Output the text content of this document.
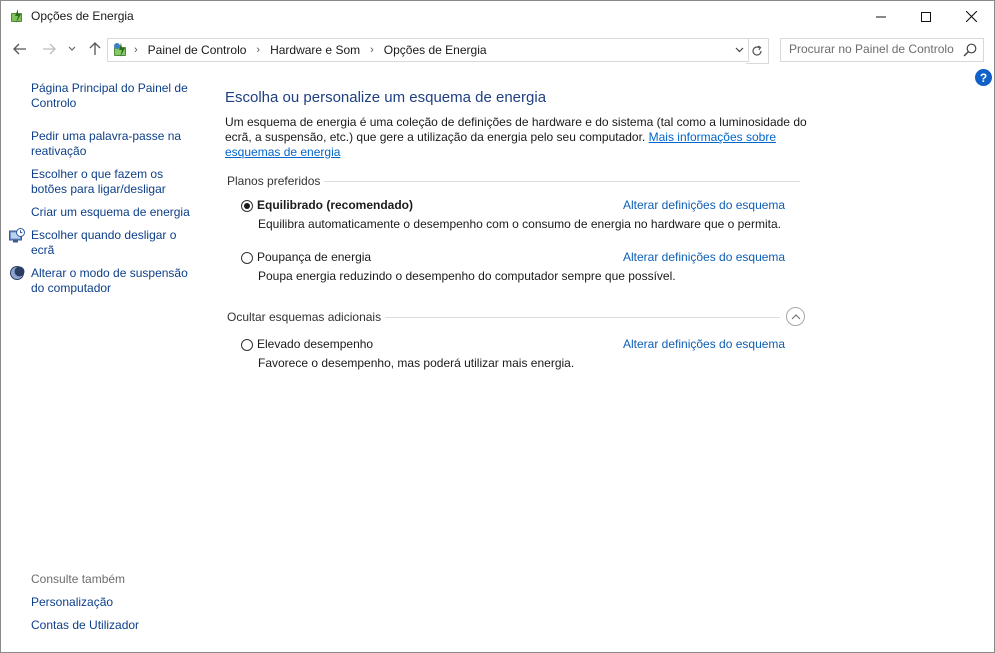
Opções de Energia
› Painel de Controlo › Hardware e Som › Opções de Energia
Procurar no Painel de Controlo
?
Página Principal do Painel de Controlo
Pedir uma palavra-passe na reativação
Escolher o que fazem os botões para ligar/desligar
Criar um esquema de energia
Escolher quando desligar o ecrã
Alterar o modo de suspensão do computador
Consulte também
Personalização
Contas de Utilizador
Escolha ou personalize um esquema de energia
Um esquema de energia é uma coleção de definições de hardware e do sistema (tal como a luminosidade do ecrã, a suspensão, etc.) que gere a utilização da energia pelo seu computador. Mais informações sobre esquemas de energia
Planos preferidos
Equilibrado (recomendado)	Alterar definições do esquema
Equilibra automaticamente o desempenho com o consumo de energia no hardware que o permita.
Poupança de energia	Alterar definições do esquema
Poupa energia reduzindo o desempenho do computador sempre que possível.
Ocultar esquemas adicionais
Elevado desempenho	Alterar definições do esquema
Favorece o desempenho, mas poderá utilizar mais energia.
